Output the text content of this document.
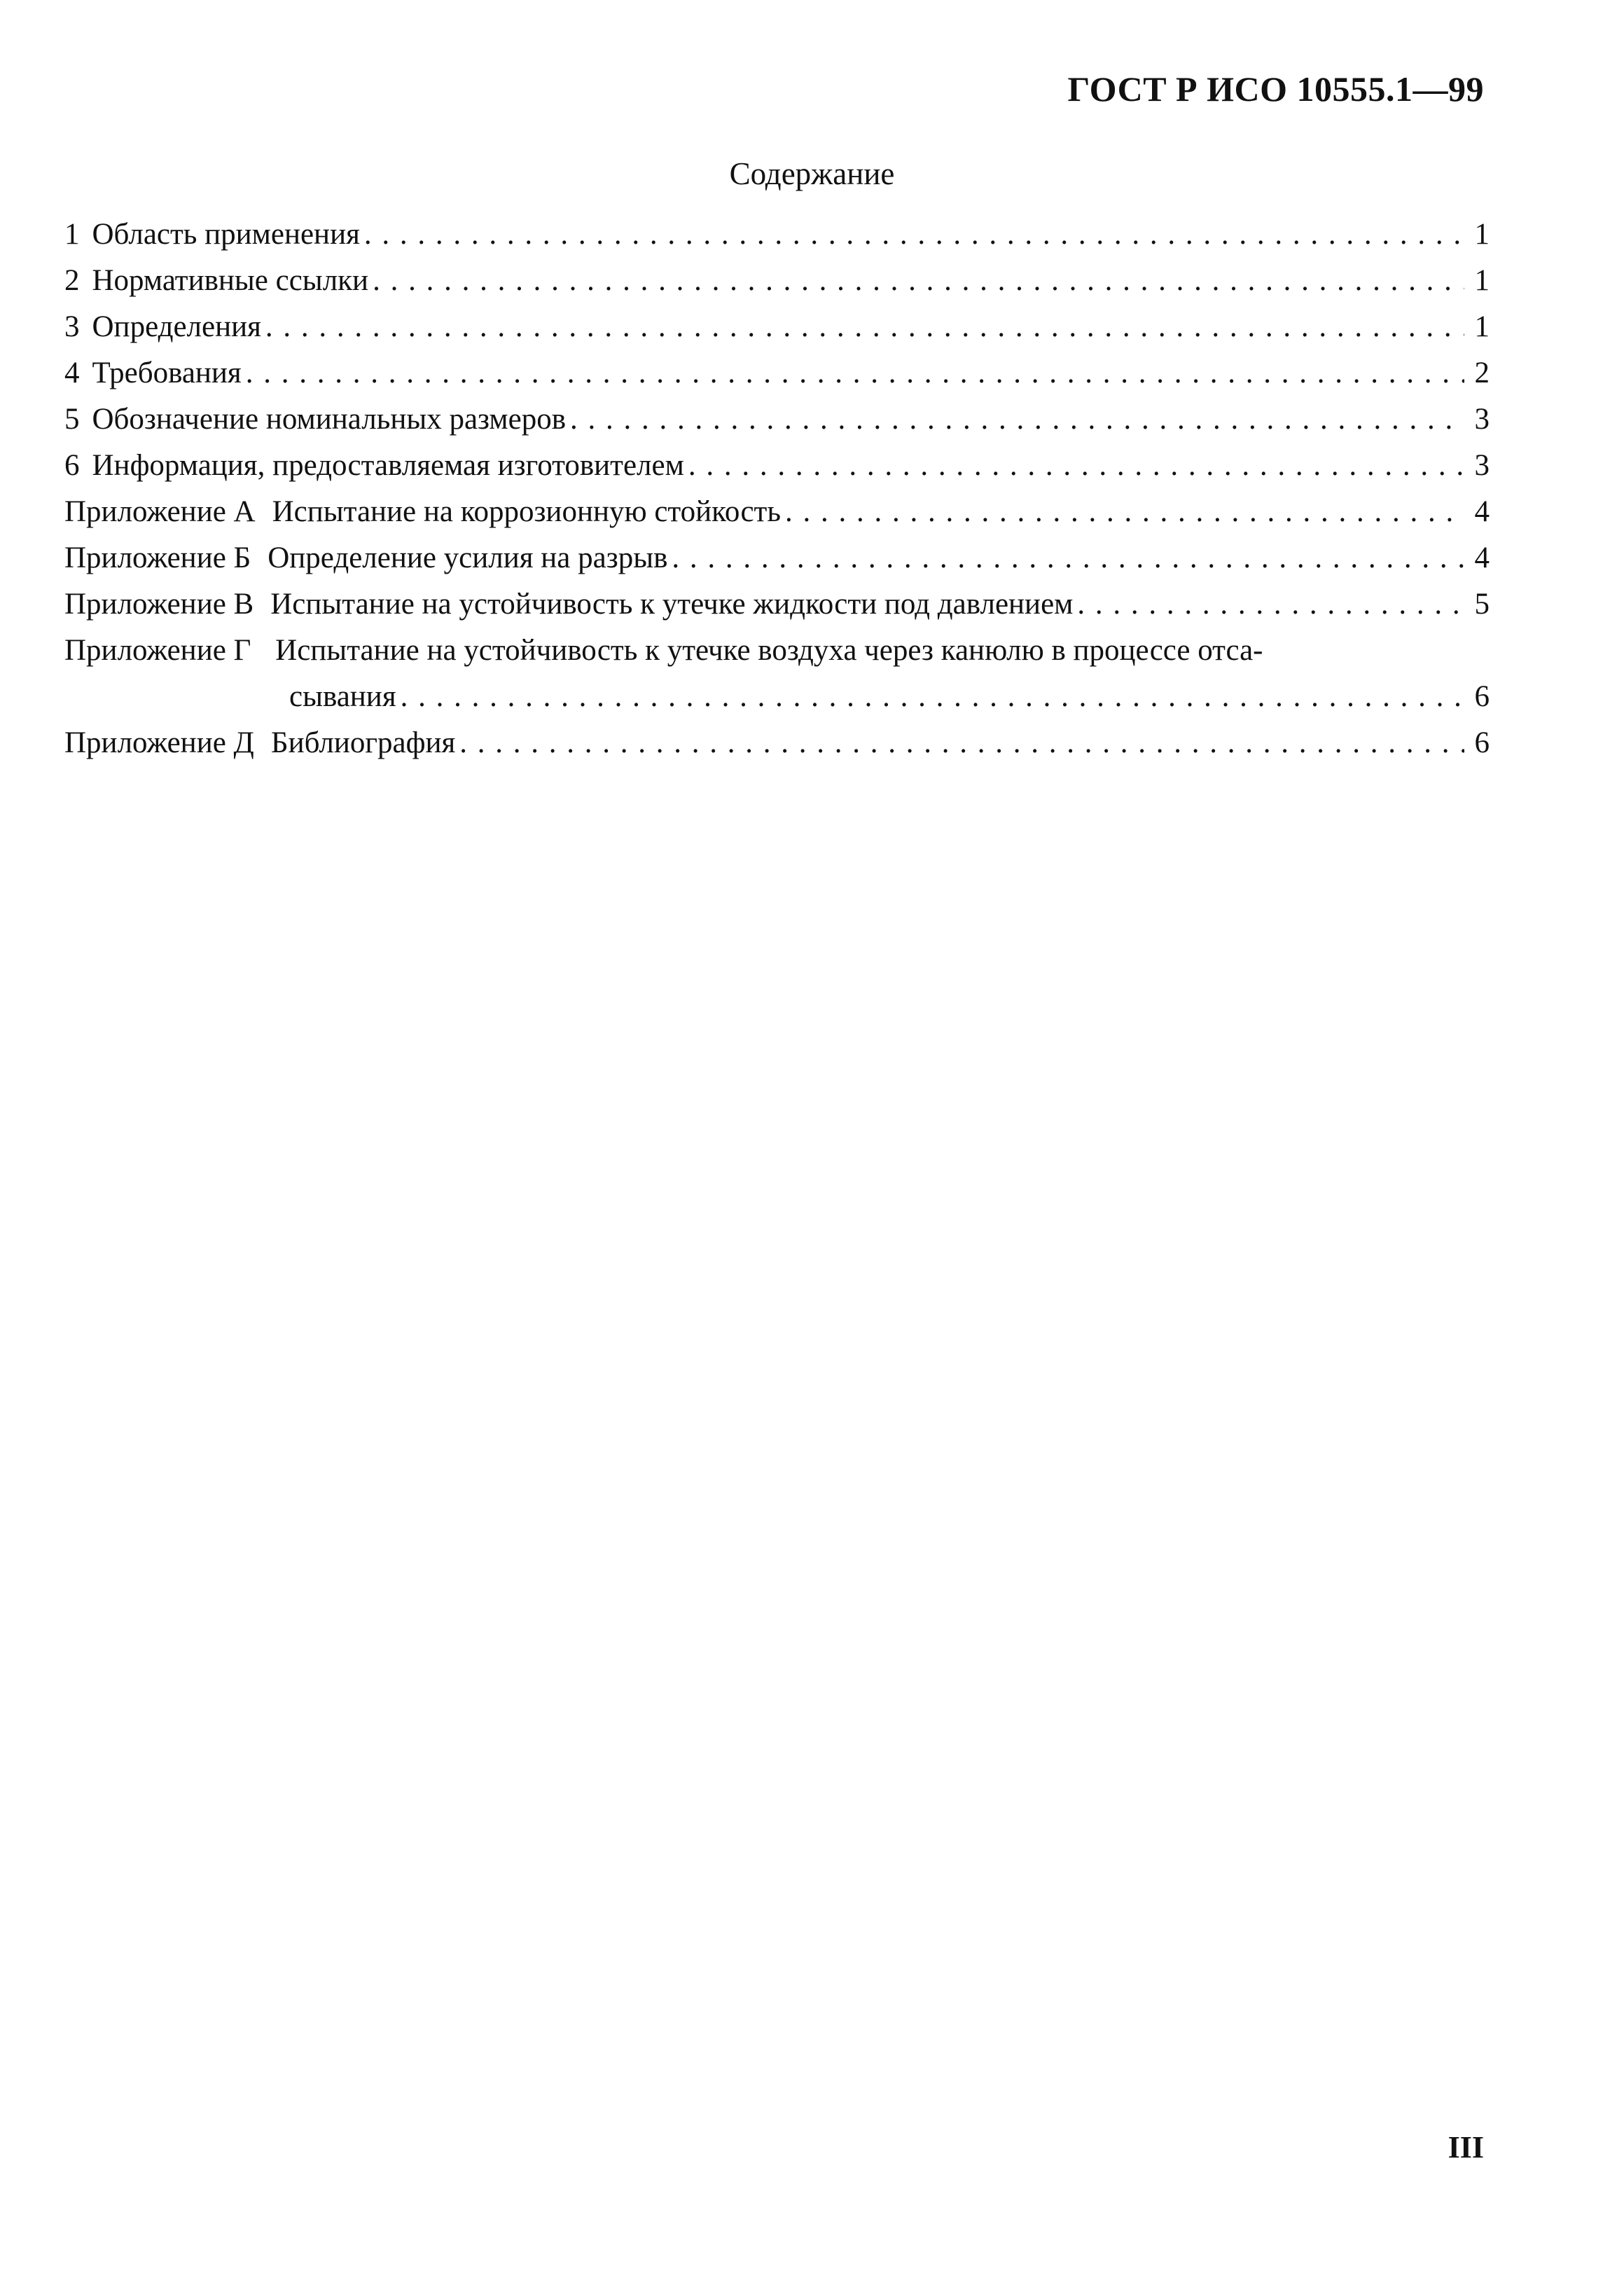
ГОСТ Р ИСО 10555.1—99
Содержание
1 Область применения . . .	1
2 Нормативные ссылки . . .	1
3 Определения . . .	1
4 Требования . . .	2
5 Обозначение номинальных размеров . . .	3
6 Информация, предоставляемая изготовителем . . .	3
Приложение А Испытание на коррозионную стойкость . . .	4
Приложение Б Определение усилия на разрыв . . .	4
Приложение В Испытание на устойчивость к утечке жидкости под давлением . . .	5
Приложение Г Испытание на устойчивость к утечке воздуха через канюлю в процессе отса-
сывания . . .	6
Приложение Д Библиография . . .	6
III
